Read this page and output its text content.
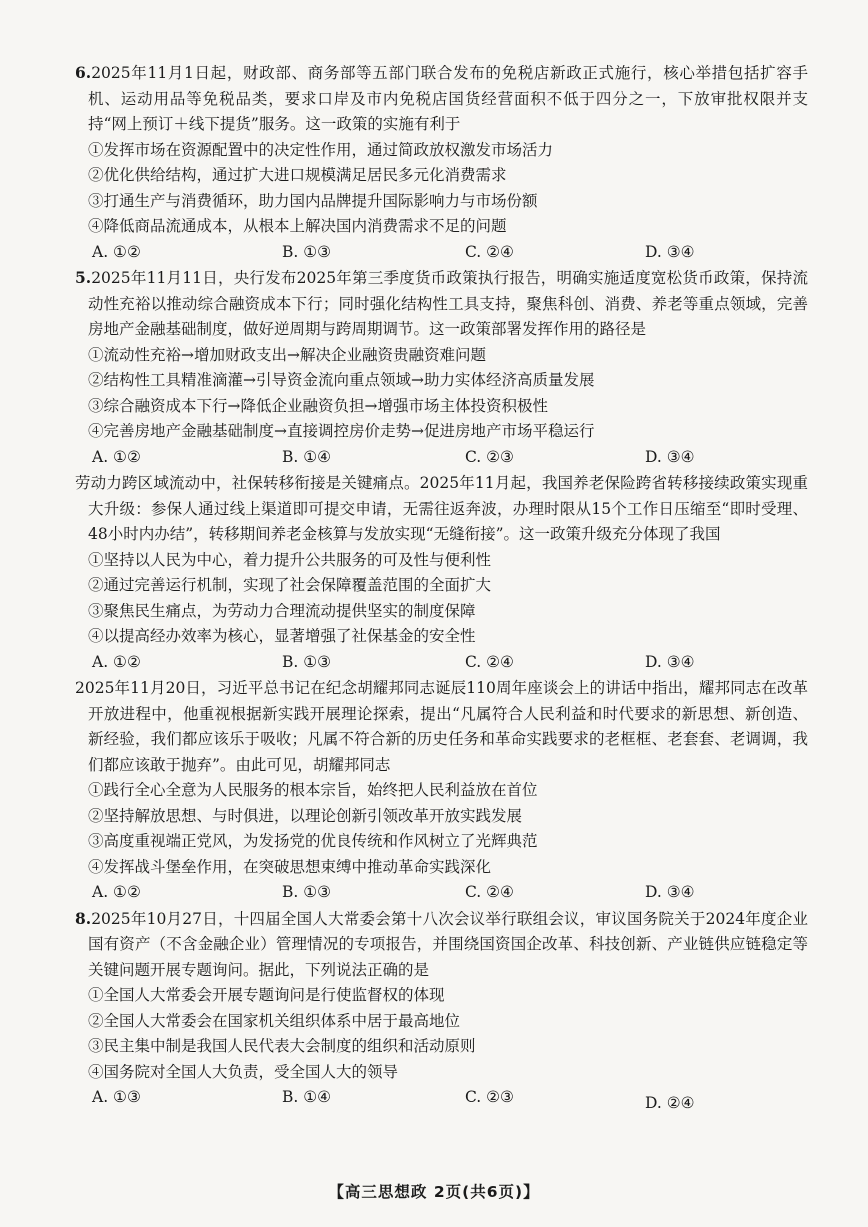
6.2025年11月1日起，财政部、商务部等五部门联合发布的免税店新政正式施行，核心举措包括扩容手机、运动用品等免税品类，要求口岸及市内免税店国货经营面积不低于四分之一，下放审批权限并支持“网上预订＋线下提货”服务。这一政策的实施有利于

①发挥市场在资源配置中的决定性作用，通过简政放权激发市场活力

②优化供给结构，通过扩大进口规模满足居民多元化消费需求

③打通生产与消费循环，助力国内品牌提升国际影响力与市场份额

④降低商品流通成本，从根本上解决国内消费需求不足的问题

A. ①②	B. ①③	C. ②④	D. ③④

5.2025年11月11日，央行发布2025年第三季度货币政策执行报告，明确实施适度宽松货币政策，保持流动性充裕以推动综合融资成本下行；同时强化结构性工具支持，聚焦科创、消费、养老等重点领域，完善房地产金融基础制度，做好逆周期与跨周期调节。这一政策部署发挥作用的路径是

①流动性充裕→增加财政支出→解决企业融资贵融资难问题

②结构性工具精准滴灌→引导资金流向重点领域→助力实体经济高质量发展

③综合融资成本下行→降低企业融资负担→增强市场主体投资积极性

④完善房地产金融基础制度→直接调控房价走势→促进房地产市场平稳运行

A. ①②	B. ①④	C. ②③	D. ③④

劳动力跨区域流动中，社保转移衔接是关键痛点。2025年11月起，我国养老保险跨省转移接续政策实现重大升级：参保人通过线上渠道即可提交申请，无需往返奔波，办理时限从15个工作日压缩至“即时受理、48小时内办结”，转移期间养老金核算与发放实现“无缝衔接”。这一政策升级充分体现了我国

①坚持以人民为中心，着力提升公共服务的可及性与便利性

②通过完善运行机制，实现了社会保障覆盖范围的全面扩大

③聚焦民生痛点，为劳动力合理流动提供坚实的制度保障

④以提高经办效率为核心，显著增强了社保基金的安全性

A. ①②	B. ①③	C. ②④	D. ③④

2025年11月20日，习近平总书记在纪念胡耀邦同志诞辰110周年座谈会上的讲话中指出，耀邦同志在改革开放进程中，他重视根据新实践开展理论探索，提出“凡属符合人民利益和时代要求的新思想、新创造、新经验，我们都应该乐于吸收；凡属不符合新的历史任务和革命实践要求的老框框、老套套、老调调，我们都应该敢于抛弃”。由此可见，胡耀邦同志

①践行全心全意为人民服务的根本宗旨，始终把人民利益放在首位

②坚持解放思想、与时俱进，以理论创新引领改革开放实践发展

③高度重视端正党风，为发扬党的优良传统和作风树立了光辉典范

④发挥战斗堡垒作用，在突破思想束缚中推动革命实践深化

A. ①②	B. ①③	C. ②④	D. ③④

8.2025年10月27日，十四届全国人大常委会第十八次会议举行联组会议，审议国务院关于2024年度企业国有资产（不含金融企业）管理情况的专项报告，并围绕国资国企改革、科技创新、产业链供应链稳定等关键问题开展专题询问。据此，下列说法正确的是

①全国人大常委会开展专题询问是行使监督权的体现

②全国人大常委会在国家机关组织体系中居于最高地位

③民主集中制是我国人民代表大会制度的组织和活动原则

④国务院对全国人大负责，受全国人大的领导

A. ①③	B. ①④	C. ②③	D. ②④
【高三思想政 2页(共6页)】
